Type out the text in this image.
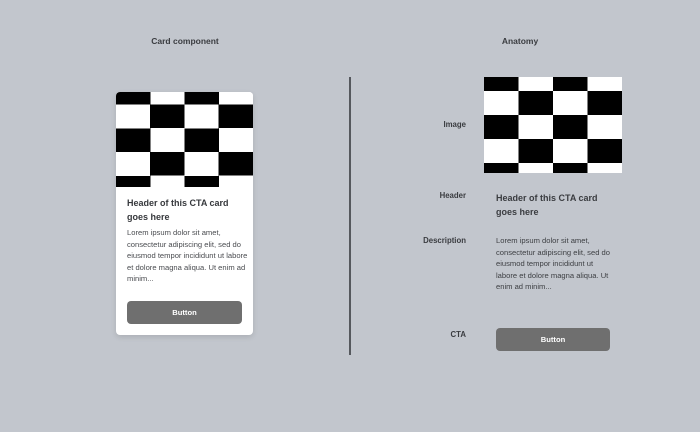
Card component	Anatomy
Header of this CTA card goes here
Lorem ipsum dolor sit amet, consectetur adipiscing elit, sed do eiusmod tempor incididunt ut labore et dolore magna aliqua. Ut enim ad minim...
Button
Image
Header
Description
CTA
Header of this CTA card goes here
Lorem ipsum dolor sit amet, consectetur adipiscing elit, sed do eiusmod tempor incididunt ut labore et dolore magna aliqua. Ut enim ad minim...
Button
